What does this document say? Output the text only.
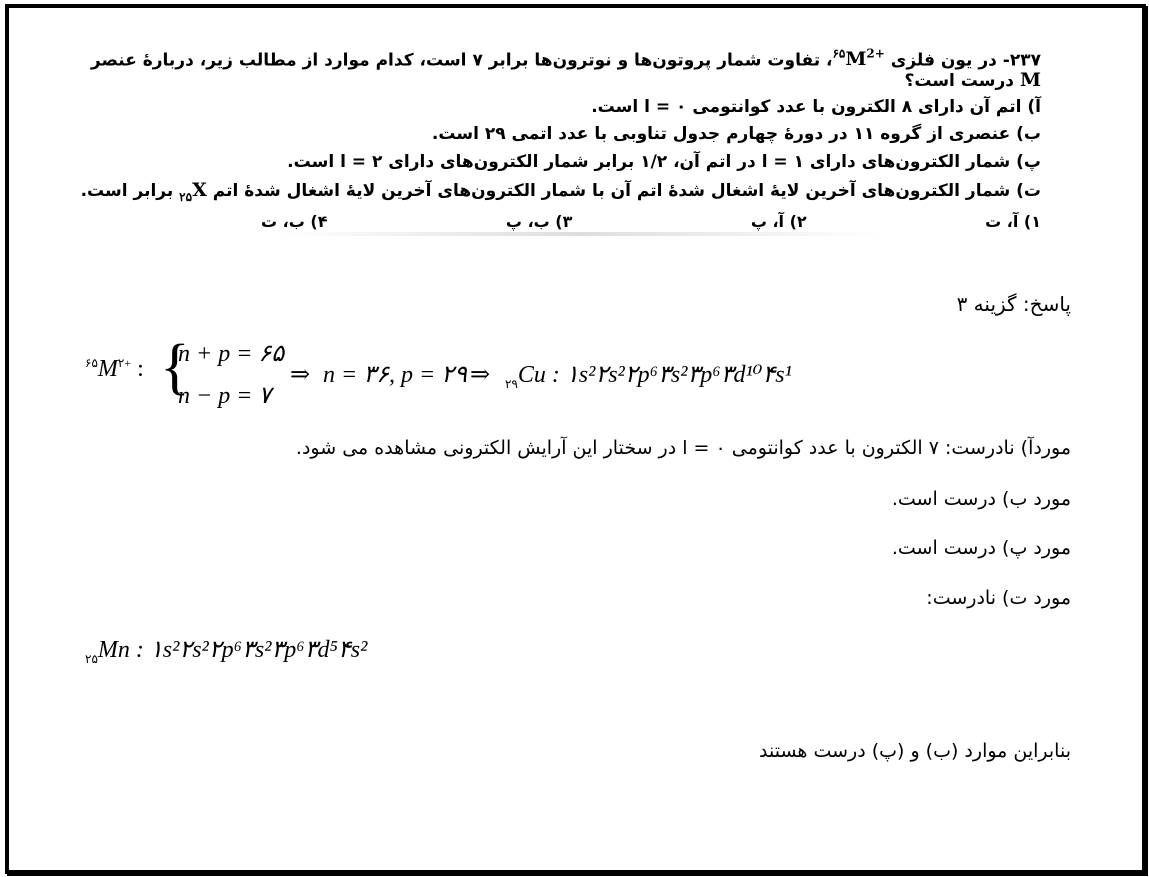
۲۳۷- در یون فلزی $^{۶۵}M^{2+}،$ تفاوت شمار پروتون‌ها و نوترون‌ها برابر ۷ است، کدام موارد از مطالب زیر، دربارهٔ عنصر
M درست است؟
آ) اتم آن دارای ۸ الکترون با عدد کوانتومی ۰ = l است.
ب) عنصری از گروه ۱۱ در دورهٔ چهارم جدول تناوبی با عدد اتمی ۲۹ است.
پ) شمار الکترون‌های دارای ۱ = l در اتم آن، ۱/۲ برابر شمار الکترون‌های دارای ۲ = l است.
ت) شمار الکترون‌های آخرین لایهٔ اشغال شدهٔ اتم آن با شمار الکترون‌های آخرین لایهٔ اشغال شدهٔ اتم $_{۲۵}$X برابر است.
۱) آ، ت
۲) آ، پ
۳) ب، پ
۴) ب، ت
پاسخ: گزینه ۳
$^{۶۵}M^{۲+}$ : {
n + p = ۶۵
n − p = ۷
⇒ n = ۳۶, p = ۲۹ ⇒ $_{۲۹}$Cu : ۱s²۲s²۲p⁶۳s²۳p⁶۳d¹⁰۴s¹
موردآ) نادرست: ۷ الکترون با عدد کوانتومی ۰ = l در سختار این آرایش الکترونی مشاهده می شود.
مورد ب) درست است.
مورد پ) درست است.
مورد ت) نادرست:
$_{۲۵}$Mn : ۱s²۲s²۲p⁶۳s²۳p⁶۳d⁵۴s²
بنابراین موارد (ب) و (پ) درست هستند
